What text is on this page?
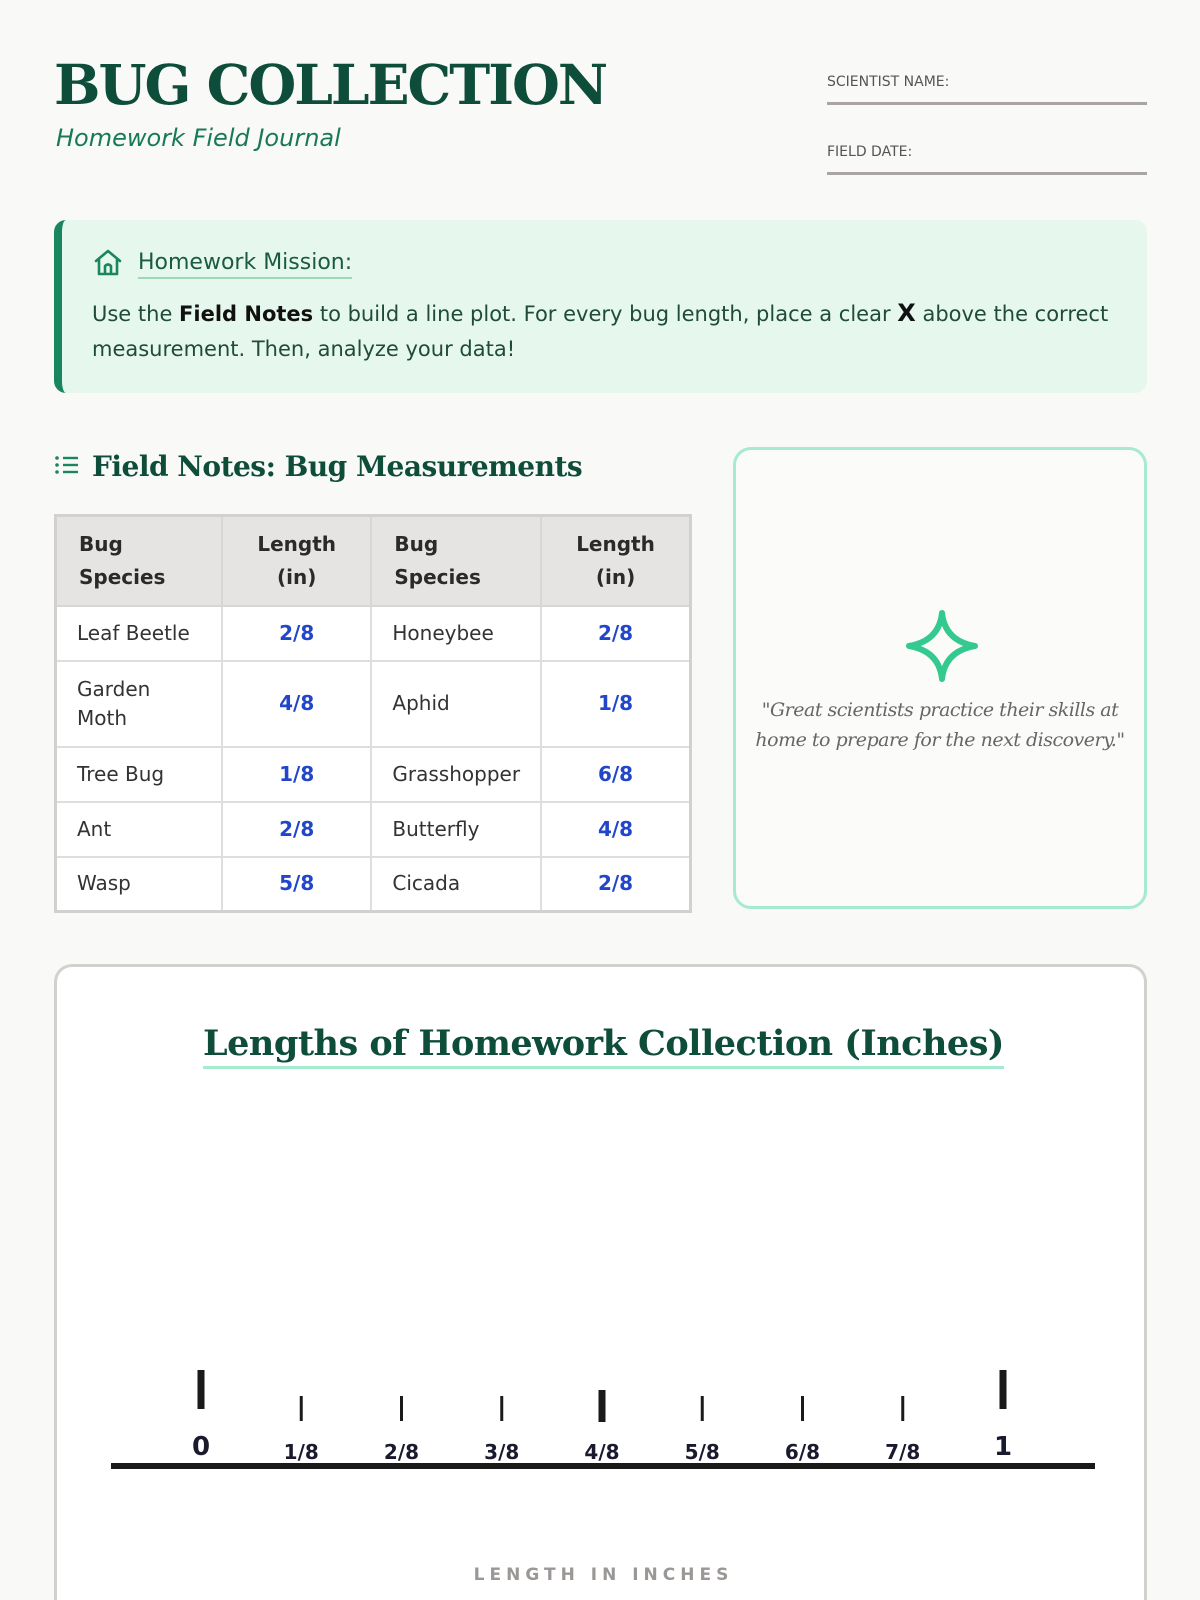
BUG COLLECTION
Homework Field Journal
SCIENTIST NAME:
FIELD DATE:
Homework Mission:
Use the Field Notes to build a line plot. For every bug length, place a clear X above the correct measurement. Then, analyze your data!
Field Notes: Bug Measurements
Bug Species	Length (in)	Bug Species	Length (in)
Leaf Beetle	2/8	Honeybee	2/8
Garden Moth	4/8	Aphid	1/8
Tree Bug	1/8	Grasshopper	6/8
Ant	2/8	Butterfly	4/8
Wasp	5/8	Cicada	2/8
"Great scientists practice their skills at home to prepare for the next discovery."
Lengths of Homework Collection (Inches)
0	1/8	2/8	3/8	4/8	5/8	6/8	7/8	1
LENGTH IN INCHES
